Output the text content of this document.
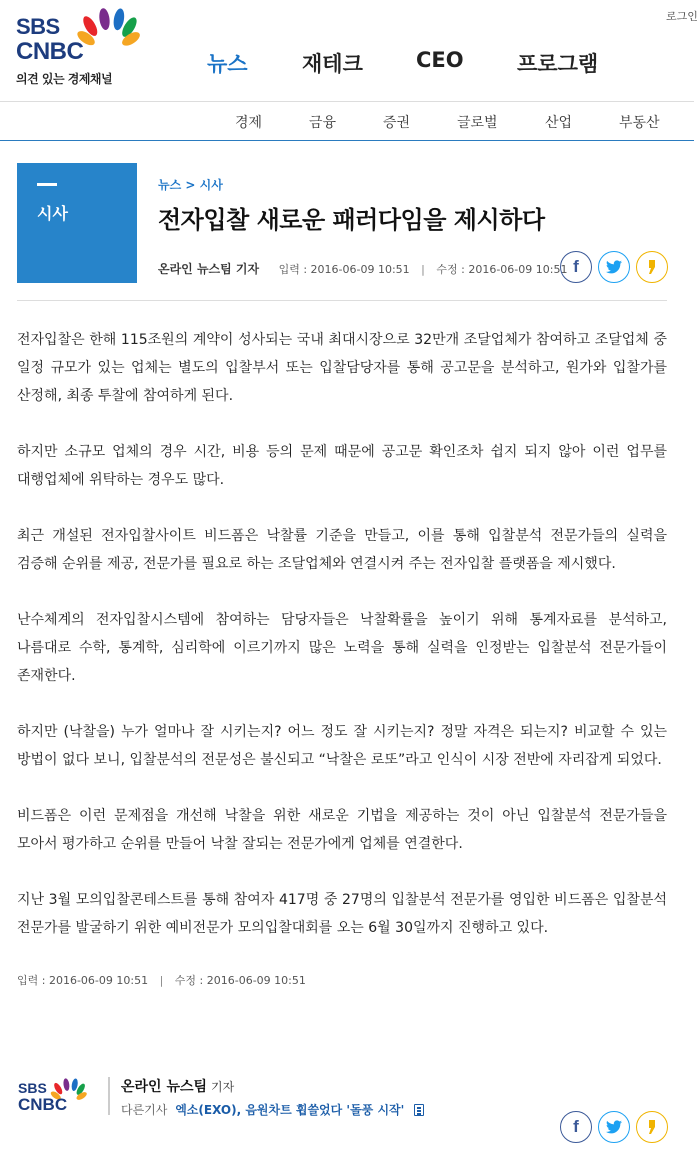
로그인
SBS
CNBC
의견 있는 경제채널
뉴스	재테크	CEO	프로그램
경제	금융	증권	글로벌	산업	부동산
시사
뉴스 > 시사
전자입찰 새로운 패러다임을 제시하다
온라인 뉴스팀 기자 입력 : 2016-06-09 10:51 | 수정 : 2016-06-09 10:51 f

전자입찰은 한해 115조원의 계약이 성사되는 국내 최대시장으로 32만개 조달업체가 참여하고 조달업체 중 일정 규모가 있는 업체는 별도의 입찰부서 또는 입찰담당자를 통해 공고문을 분석하고, 원가와 입찰가를 산정해, 최종 투찰에 참여하게 된다.

하지만 소규모 업체의 경우 시간, 비용 등의 문제 때문에 공고문 확인조차 쉽지 되지 않아 이런 업무를 대행업체에 위탁하는 경우도 많다.

최근 개설된 전자입찰사이트 비드폼은 낙찰률 기준을 만들고, 이를 통해 입찰분석 전문가들의 실력을 검증해 순위를 제공, 전문가를 필요로 하는 조달업체와 연결시켜 주는 전자입찰 플랫폼을 제시했다.

난수체계의 전자입찰시스템에 참여하는 담당자들은 낙찰확률을 높이기 위해 통계자료를 분석하고, 나름대로 수학, 통계학, 심리학에 이르기까지 많은 노력을 통해 실력을 인정받는 입찰분석 전문가들이 존재한다.

하지만 (낙찰을) 누가 얼마나 잘 시키는지? 어느 정도 잘 시키는지? 정말 자격은 되는지? 비교할 수 있는 방법이 없다 보니, 입찰분석의 전문성은 불신되고 “낙찰은 로또”라고 인식이 시장 전반에 자리잡게 되었다.

비드폼은 이런 문제점을 개선해 낙찰을 위한 새로운 기법을 제공하는 것이 아닌 입찰분석 전문가들을 모아서 평가하고 순위를 만들어 낙찰 잘되는 전문가에게 업체를 연결한다.

지난 3월 모의입찰콘테스트를 통해 참여자 417명 중 27명의 입찰분석 전문가를 영입한 비드폼은 입찰분석 전문가를 발굴하기 위한 예비전문가 모의입찰대회를 오는 6월 30일까지 진행하고 있다.

입력 : 2016-06-09 10:51 | 수정 : 2016-06-09 10:51
SBS
CNBC
온라인 뉴스팀 기자
다른기사 엑소(EXO), 음원차트 휩쓸었다 '돌풍 시작'
f
